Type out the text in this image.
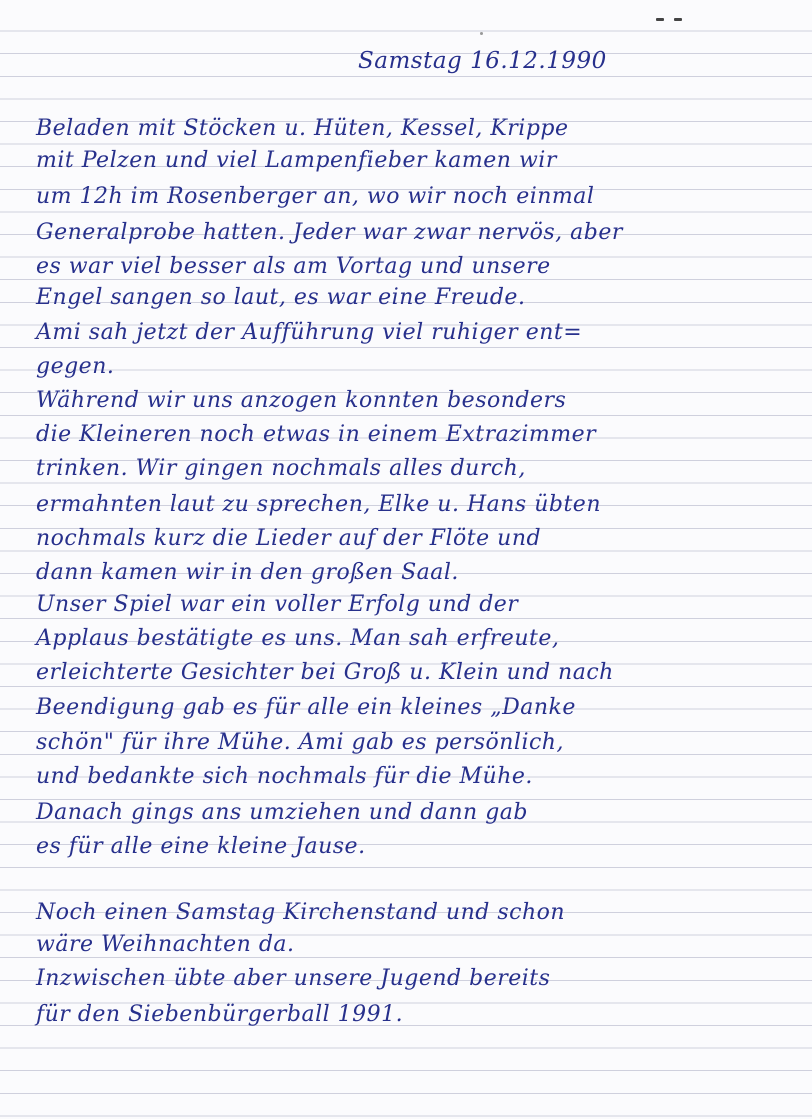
Samstag 16.12.1990

Beladen mit Stöcken u. Hüten, Kessel, Krippe

mit Pelzen und viel Lampenfieber kamen wir

um 12h im Rosenberger an, wo wir noch einmal

Generalprobe hatten. Jeder war zwar nervös, aber

es war viel besser als am Vortag und unsere

Engel sangen so laut, es war eine Freude.

Ami sah jetzt der Aufführung viel ruhiger ent=

gegen.

Während wir uns anzogen konnten besonders

die Kleineren noch etwas in einem Extrazimmer

trinken. Wir gingen nochmals alles durch,

ermahnten laut zu sprechen, Elke u. Hans übten

nochmals kurz die Lieder auf der Flöte und

dann kamen wir in den großen Saal.

Unser Spiel war ein voller Erfolg und der

Applaus bestätigte es uns. Man sah erfreute,

erleichterte Gesichter bei Groß u. Klein und nach

Beendigung gab es für alle ein kleines „Danke

schön" für ihre Mühe. Ami gab es persönlich,

und bedankte sich nochmals für die Mühe.

Danach gings ans umziehen und dann gab

es für alle eine kleine Jause.

Noch einen Samstag Kirchenstand und schon

wäre Weihnachten da.

Inzwischen übte aber unsere Jugend bereits

für den Siebenbürgerball 1991.
